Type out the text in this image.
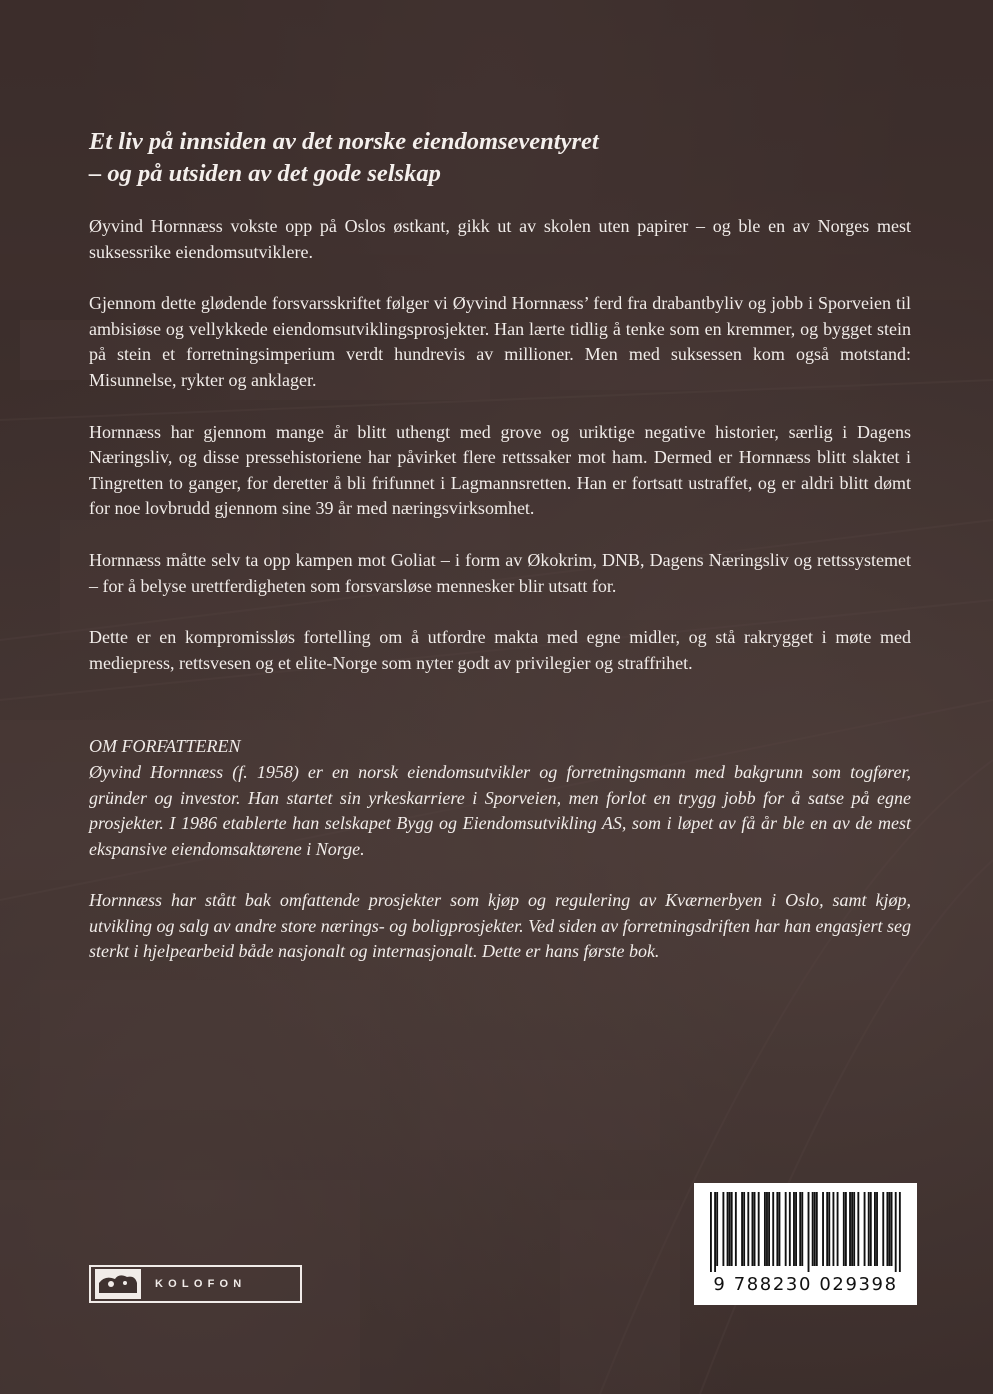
Et liv på innsiden av det norske eiendomseventyret
– og på utsiden av det gode selskap

Øyvind Hornnæss vokste opp på Oslos østkant, gikk ut av skolen uten papirer – og ble en av Norges mest suksessrike eiendomsutviklere.

Gjennom dette glødende forsvarsskriftet følger vi Øyvind Hornnæss’ ferd fra drabantbyliv og jobb i Sporveien til ambisiøse og vellykkede eiendomsutviklingsprosjekter. Han lærte tidlig å tenke som en kremmer, og bygget stein på stein et forretningsimperium verdt hundrevis av millioner. Men med suksessen kom også motstand: Misunnelse, rykter og anklager.

Hornnæss har gjennom mange år blitt uthengt med grove og uriktige negative historier, særlig i Dagens Næringsliv, og disse pressehistoriene har påvirket flere rettssaker mot ham. Dermed er Hornnæss blitt slaktet i Tingretten to ganger, for deretter å bli frifunnet i Lagmannsretten. Han er fortsatt ustraffet, og er aldri blitt dømt for noe lovbrudd gjennom sine 39 år med næringsvirksomhet.

Hornnæss måtte selv ta opp kampen mot Goliat – i form av Økokrim, DNB, Dagens Næringsliv og rettssystemet – for å belyse urettferdigheten som forsvarsløse mennesker blir utsatt for.

Dette er en kompromissløs fortelling om å utfordre makta med egne midler, og stå rakrygget i møte med mediepress, rettsvesen og et elite-Norge som nyter godt av privilegier og straffrihet.

OM FORFATTEREN

Øyvind Hornnæss (f. 1958) er en norsk eiendomsutvikler og forretningsmann med bakgrunn som togfører, gründer og investor. Han startet sin yrkeskarriere i Sporveien, men forlot en trygg jobb for å satse på egne prosjekter. I 1986 etablerte han selskapet Bygg og Eiendomsutvikling AS, som i løpet av få år ble en av de mest ekspansive eiendomsaktørene i Norge.

Hornnæss har stått bak omfattende prosjekter som kjøp og regulering av Kværnerbyen i Oslo, samt kjøp, utvikling og salg av andre store nærings- og boligprosjekter. Ved siden av forretningsdriften har han engasjert seg sterkt i hjelpearbeid både nasjonalt og internasjonalt. Dette er hans første bok.

KOLOFON	9 788230 029398
